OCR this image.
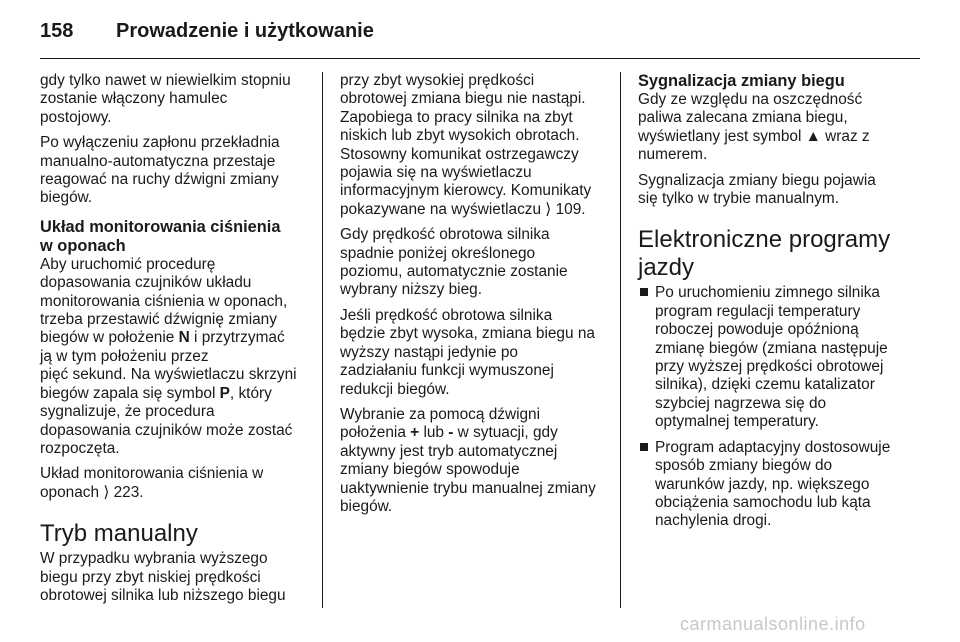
158 Prowadzenie i użytkowanie

gdy tylko nawet w niewielkim stopniu
zostanie włączony hamulec
postojowy.

Po wyłączeniu zapłonu przekładnia
manualno-automatyczna przestaje
reagować na ruchy dźwigni zmiany
biegów.

Układ monitorowania ciśnienia
w oponach

Aby uruchomić procedurę
dopasowania czujników układu
monitorowania ciśnienia w oponach,
trzeba przestawić dźwignię zmiany
biegów w położenie N i przytrzymać
ją w tym położeniu przez
pięć sekund. Na wyświetlaczu skrzyni
biegów zapala się symbol P, który
sygnalizuje, że procedura
dopasowania czujników może zostać
rozpoczęta.

Układ monitorowania ciśnienia w
oponach ⟩ 223.

Tryb manualny

W przypadku wybrania wyższego
biegu przy zbyt niskiej prędkości
obrotowej silnika lub niższego biegu

przy zbyt wysokiej prędkości
obrotowej zmiana biegu nie nastąpi.
Zapobiega to pracy silnika na zbyt
niskich lub zbyt wysokich obrotach.
Stosowny komunikat ostrzegawczy
pojawia się na wyświetlaczu
informacyjnym kierowcy. Komunikaty
pokazywane na wyświetlaczu ⟩ 109.

Gdy prędkość obrotowa silnika
spadnie poniżej określonego
poziomu, automatycznie zostanie
wybrany niższy bieg.

Jeśli prędkość obrotowa silnika
będzie zbyt wysoka, zmiana biegu na
wyższy nastąpi jedynie po
zadziałaniu funkcji wymuszonej
redukcji biegów.

Wybranie za pomocą dźwigni
położenia + lub - w sytuacji, gdy
aktywny jest tryb automatycznej
zmiany biegów spowoduje
uaktywnienie trybu manualnej zmiany
biegów.

Sygnalizacja zmiany biegu

Gdy ze względu na oszczędność
paliwa zalecana zmiana biegu,
wyświetlany jest symbol ▲ wraz z
numerem.

Sygnalizacja zmiany biegu pojawia
się tylko w trybie manualnym.

Elektroniczne programy
jazdy
Po uruchomieniu zimnego silnika
program regulacji temperatury
roboczej powoduje opóźnioną
zmianę biegów (zmiana następuje
przy wyższej prędkości obrotowej
silnika), dzięki czemu katalizator
szybciej nagrzewa się do
optymalnej temperatury.
Program adaptacyjny dostosowuje
sposób zmiany biegów do
warunków jazdy, np. większego
obciążenia samochodu lub kąta
nachylenia drogi.
carmanualsonline.info
